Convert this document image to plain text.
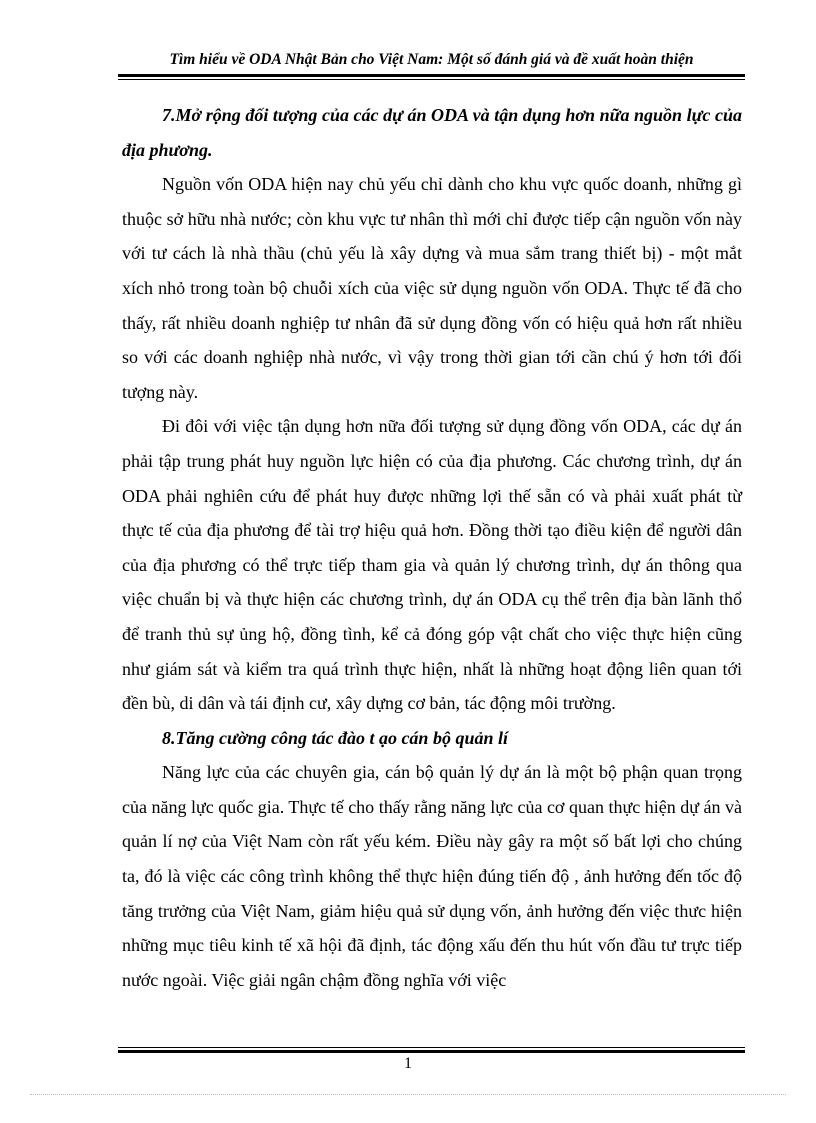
Tìm hiểu về ODA Nhật Bản cho Việt Nam: Một số đánh giá và đề xuất hoàn thiện

7.Mở rộng đối tượng của các dự án ODA và tận dụng hơn nữa nguồn lực của địa phương.

Nguồn vốn ODA hiện nay chủ yếu chỉ dành cho khu vực quốc doanh, những gì thuộc sở hữu nhà nước; còn khu vực tư nhân thì mới chỉ được tiếp cận nguồn vốn này với tư cách là nhà thầu (chủ yếu là xây dựng và mua sắm trang thiết bị) - một mắt xích nhỏ trong toàn bộ chuỗi xích của việc sử dụng nguồn vốn ODA. Thực tế đã cho thấy, rất nhiều doanh nghiệp tư nhân đã sử dụng đồng vốn có hiệu quả hơn rất nhiều so với các doanh nghiệp nhà nước, vì vậy trong thời gian tới cần chú ý hơn tới đối tượng này.

Đi đôi với việc tận dụng hơn nữa đối tượng sử dụng đồng vốn ODA, các dự án phải tập trung phát huy nguồn lực hiện có của địa phương. Các chương trình, dự án ODA phải nghiên cứu để phát huy được những lợi thế sẵn có và phải xuất phát từ thực tế của địa phương để tài trợ hiệu quả hơn. Đồng thời tạo điều kiện để người dân của địa phương có thể trực tiếp tham gia và quản lý chương trình, dự án thông qua việc chuẩn bị và thực hiện các chương trình, dự án ODA cụ thể trên địa bàn lãnh thổ để tranh thủ sự ủng hộ, đồng tình, kể cả đóng góp vật chất cho việc thực hiện cũng như giám sát và kiểm tra quá trình thực hiện, nhất là những hoạt động liên quan tới đền bù, di dân và tái định cư, xây dựng cơ bản, tác động môi trường.

8.Tăng cường công tác đào t ạo cán bộ quản lí

Năng lực của các chuyên gia, cán bộ quản lý dự án là một bộ phận quan trọng của năng lực quốc gia. Thực tế cho thấy rằng năng lực của cơ quan thực hiện dự án và quản lí nợ của Việt Nam còn rất yếu kém. Điều này gây ra một số bất lợi cho chúng ta, đó là việc các công trình không thể thực hiện đúng tiến độ , ảnh hưởng đến tốc độ tăng trưởng của Việt Nam, giảm hiệu quả sử dụng vốn, ảnh hưởng đến việc thưc hiện những mục tiêu kinh tế xã hội đã định, tác động xấu đến thu hút vốn đầu tư trực tiếp nước ngoài. Việc giải ngân chậm đồng nghĩa với việc

1
